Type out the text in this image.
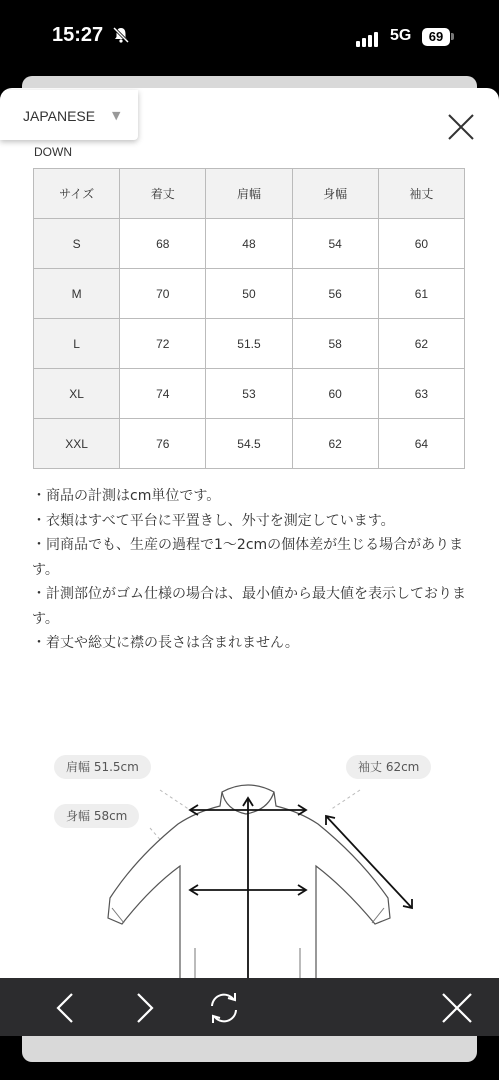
15:27	5G	69
JAPANESE ▼
DOWN
サイズ	着丈	肩幅	身幅	袖丈
S	68	48	54	60
M	70	50	56	61
L	72	51.5	58	62
XL	74	53	60	63
XXL	76	54.5	62	64
・商品の計測はcm単位です。
・衣類はすべて平台に平置きし、外寸を測定しています。
・同商品でも、生産の過程で1〜2cmの個体差が生じる場合があります。
・計測部位がゴム仕様の場合は、最小値から最大値を表示しております。
・着丈や総丈に襟の長さは含まれません。
肩幅 51.5cm
身幅 58cm
袖丈 62cm
